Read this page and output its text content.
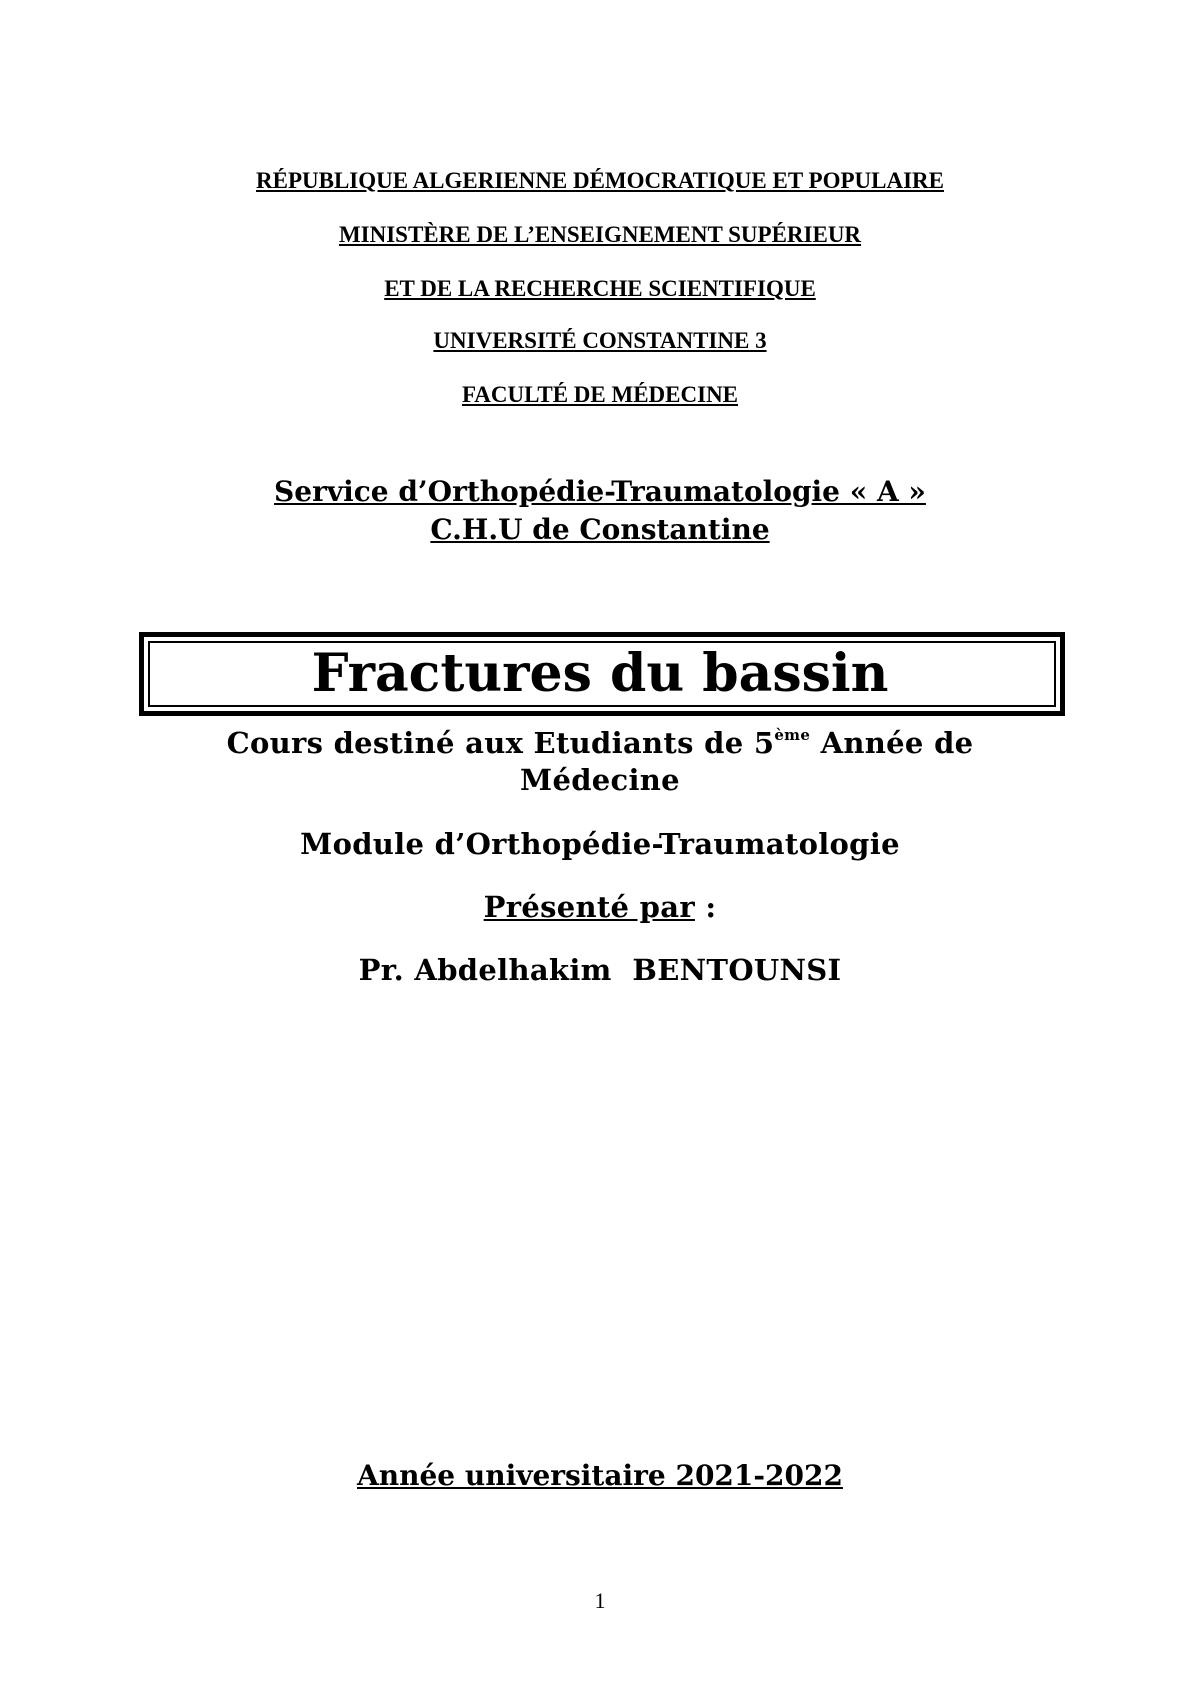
RÉPUBLIQUE ALGERIENNE DÉMOCRATIQUE ET POPULAIRE
MINISTÈRE DE L’ENSEIGNEMENT SUPÉRIEUR
ET DE LA RECHERCHE SCIENTIFIQUE
UNIVERSITÉ CONSTANTINE 3
FACULTÉ DE MÉDECINE
Service d’Orthopédie-Traumatologie « A »
C.H.U de Constantine
Fractures du bassin
Cours destiné aux Etudiants de 5ème Année de
Médecine
Module d’Orthopédie-Traumatologie
Présenté par :
Pr. Abdelhakim  BENTOUNSI
Année universitaire 2021-2022
1
